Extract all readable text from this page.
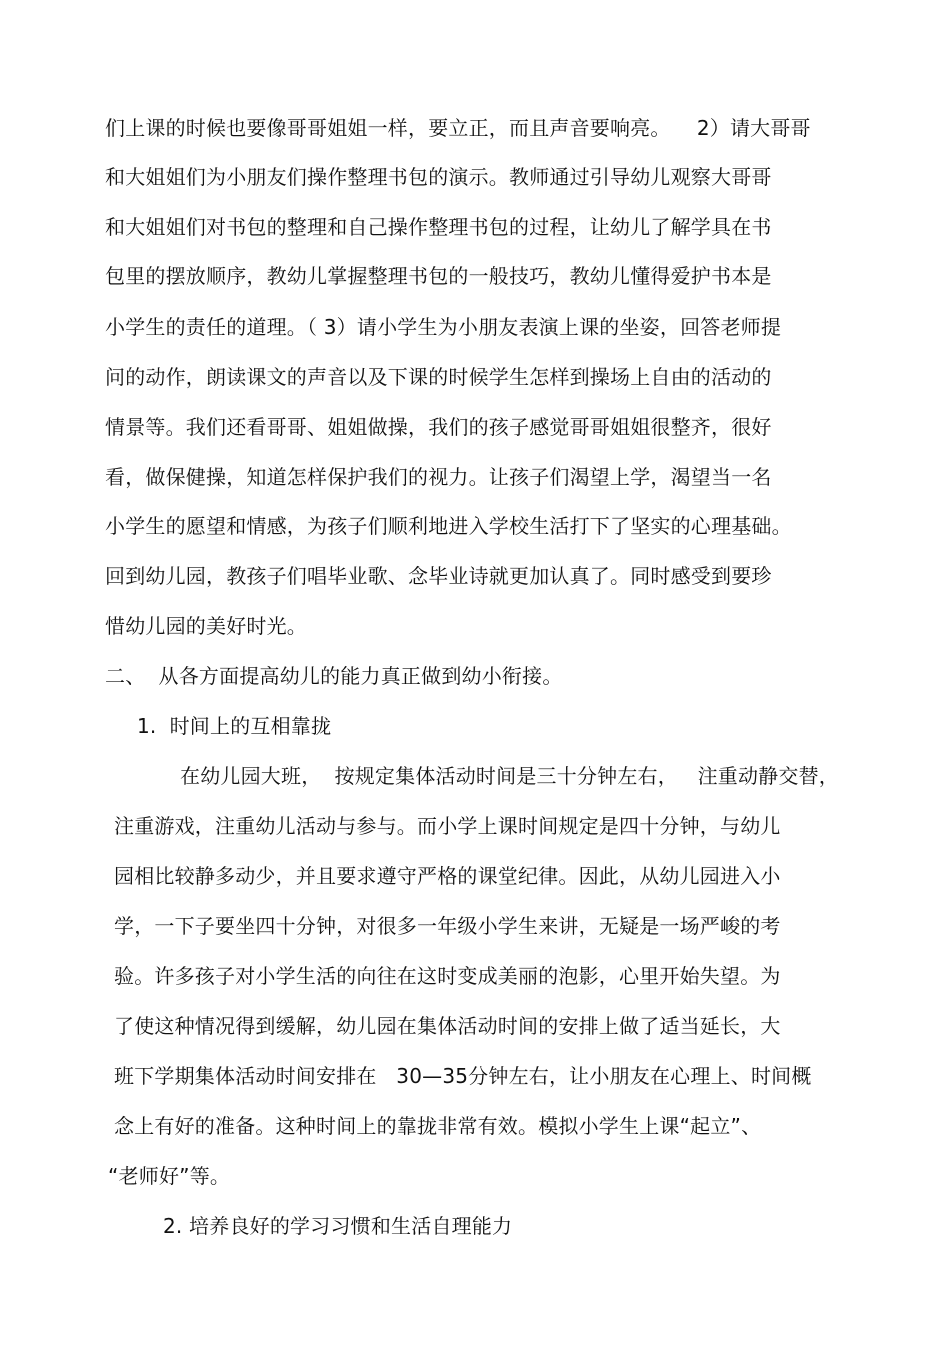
们上课的时候也要像哥哥姐姐一样，要立正，而且声音要响亮。    2）请大哥哥
和大姐姐们为小朋友们操作整理书包的演示。教师通过引导幼儿观察大哥哥
和大姐姐们对书包的整理和自己操作整理书包的过程，让幼儿了解学具在书
包里的摆放顺序，教幼儿掌握整理书包的一般技巧，教幼儿懂得爱护书本是
小学生的责任的道理。（ 3）请小学生为小朋友表演上课的坐姿，回答老师提
问的动作，朗读课文的声音以及下课的时候学生怎样到操场上自由的活动的
情景等。我们还看哥哥、姐姐做操，我们的孩子感觉哥哥姐姐很整齐，很好
看，做保健操，知道怎样保护我们的视力。让孩子们渴望上学，渴望当一名
小学生的愿望和情感，为孩子们顺利地进入学校生活打下了坚实的心理基础。
回到幼儿园，教孩子们唱毕业歌、念毕业诗就更加认真了。同时感受到要珍
惜幼儿园的美好时光。
二、  从各方面提高幼儿的能力真正做到幼小衔接。
1.  时间上的互相靠拢
在幼儿园大班，  按规定集体活动时间是三十分钟左右，   注重动静交替，
注重游戏，注重幼儿活动与参与。而小学上课时间规定是四十分钟，与幼儿
园相比较静多动少，并且要求遵守严格的课堂纪律。因此，从幼儿园进入小
学，一下子要坐四十分钟，对很多一年级小学生来讲，无疑是一场严峻的考
验。许多孩子对小学生活的向往在这时变成美丽的泡影，心里开始失望。为
了使这种情况得到缓解，幼儿园在集体活动时间的安排上做了适当延长，大
班下学期集体活动时间安排在   30—35分钟左右，让小朋友在心理上、时间概
念上有好的准备。这种时间上的靠拢非常有效。模拟小学生上课“起立”、
“老师好”等。
2. 培养良好的学习习惯和生活自理能力
